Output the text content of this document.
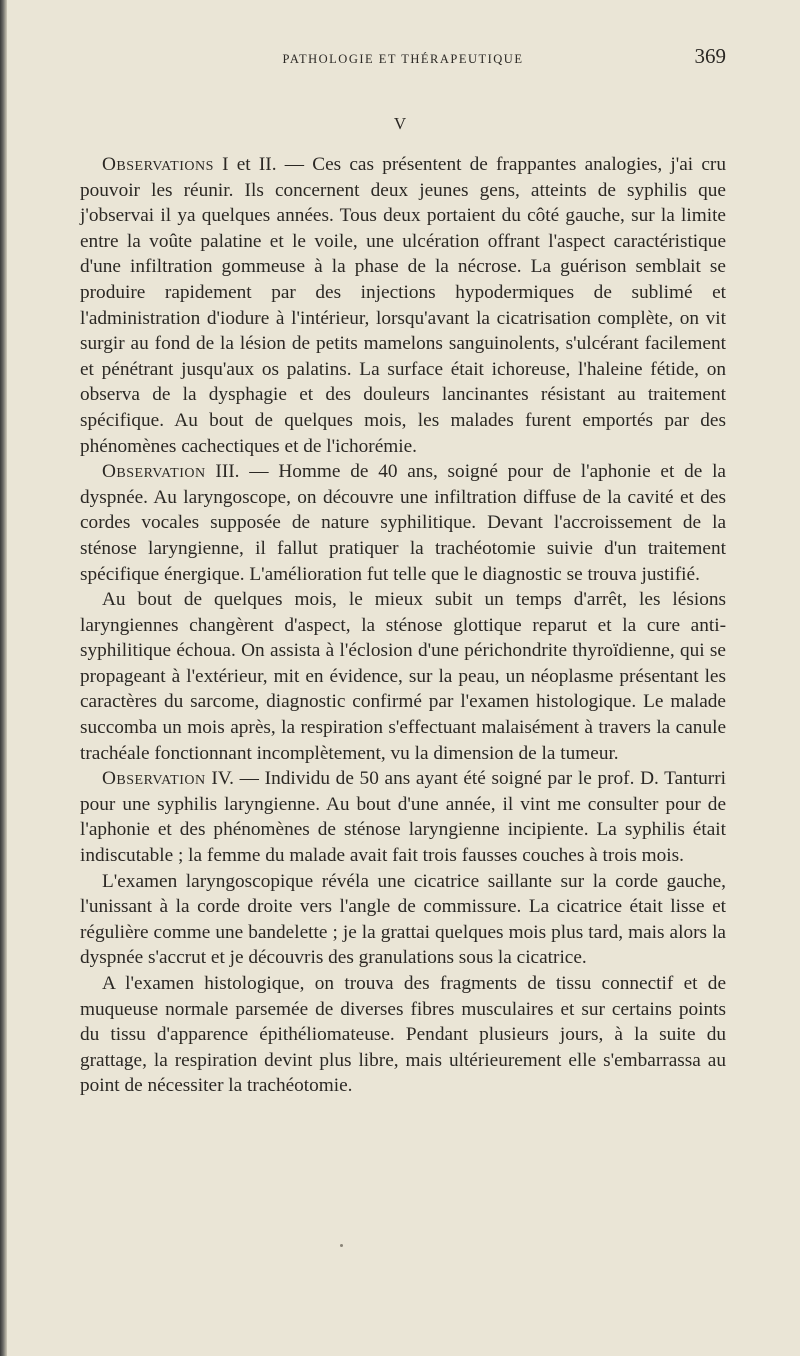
PATHOLOGIE ET THÉRAPEUTIQUE	369
V

Observations I et II. — Ces cas présentent de frappantes analogies, j'ai cru pouvoir les réunir. Ils concernent deux jeunes gens, atteints de syphilis que j'observai il ya quelques années. Tous deux portaient du côté gauche, sur la limite entre la voûte palatine et le voile, une ulcération offrant l'aspect caractéristique d'une infiltration gommeuse à la phase de la nécrose. La guérison semblait se produire rapidement par des injections hypodermiques de sublimé et l'administration d'iodure à l'intérieur, lorsqu'avant la cicatrisation complète, on vit surgir au fond de la lésion de petits mamelons sanguinolents, s'ulcérant facilement et pénétrant jusqu'aux os palatins. La surface était ichoreuse, l'haleine fétide, on observa de la dysphagie et des douleurs lancinantes résistant au traitement spécifique. Au bout de quelques mois, les malades furent emportés par des phénomènes cachectiques et de l'ichorémie.

Observation III. — Homme de 40 ans, soigné pour de l'aphonie et de la dyspnée. Au laryngoscope, on découvre une infiltration diffuse de la cavité et des cordes vocales supposée de nature syphilitique. Devant l'accroissement de la sténose laryngienne, il fallut pratiquer la trachéotomie suivie d'un traitement spécifique énergique. L'amélioration fut telle que le diagnostic se trouva justifié.

Au bout de quelques mois, le mieux subit un temps d'arrêt, les lésions laryngiennes changèrent d'aspect, la sténose glottique reparut et la cure anti-syphilitique échoua. On assista à l'éclosion d'une périchondrite thyroïdienne, qui se propageant à l'extérieur, mit en évidence, sur la peau, un néoplasme présentant les caractères du sarcome, diagnostic confirmé par l'examen histologique. Le malade succomba un mois après, la respiration s'effectuant malaisément à travers la canule trachéale fonctionnant incomplètement, vu la dimension de la tumeur.

Observation IV. — Individu de 50 ans ayant été soigné par le prof. D. Tanturri pour une syphilis laryngienne. Au bout d'une année, il vint me consulter pour de l'aphonie et des phénomènes de sténose laryngienne incipiente. La syphilis était indiscutable ; la femme du malade avait fait trois fausses couches à trois mois.

L'examen laryngoscopique révéla une cicatrice saillante sur la corde gauche, l'unissant à la corde droite vers l'angle de commissure. La cicatrice était lisse et régulière comme une bandelette ; je la grattai quelques mois plus tard, mais alors la dyspnée s'accrut et je découvris des granulations sous la cicatrice.

A l'examen histologique, on trouva des fragments de tissu connectif et de muqueuse normale parsemée de diverses fibres musculaires et sur certains points du tissu d'apparence épithéliomateuse. Pendant plusieurs jours, à la suite du grattage, la respiration devint plus libre, mais ultérieurement elle s'embarrassa au point de nécessiter la trachéotomie.
